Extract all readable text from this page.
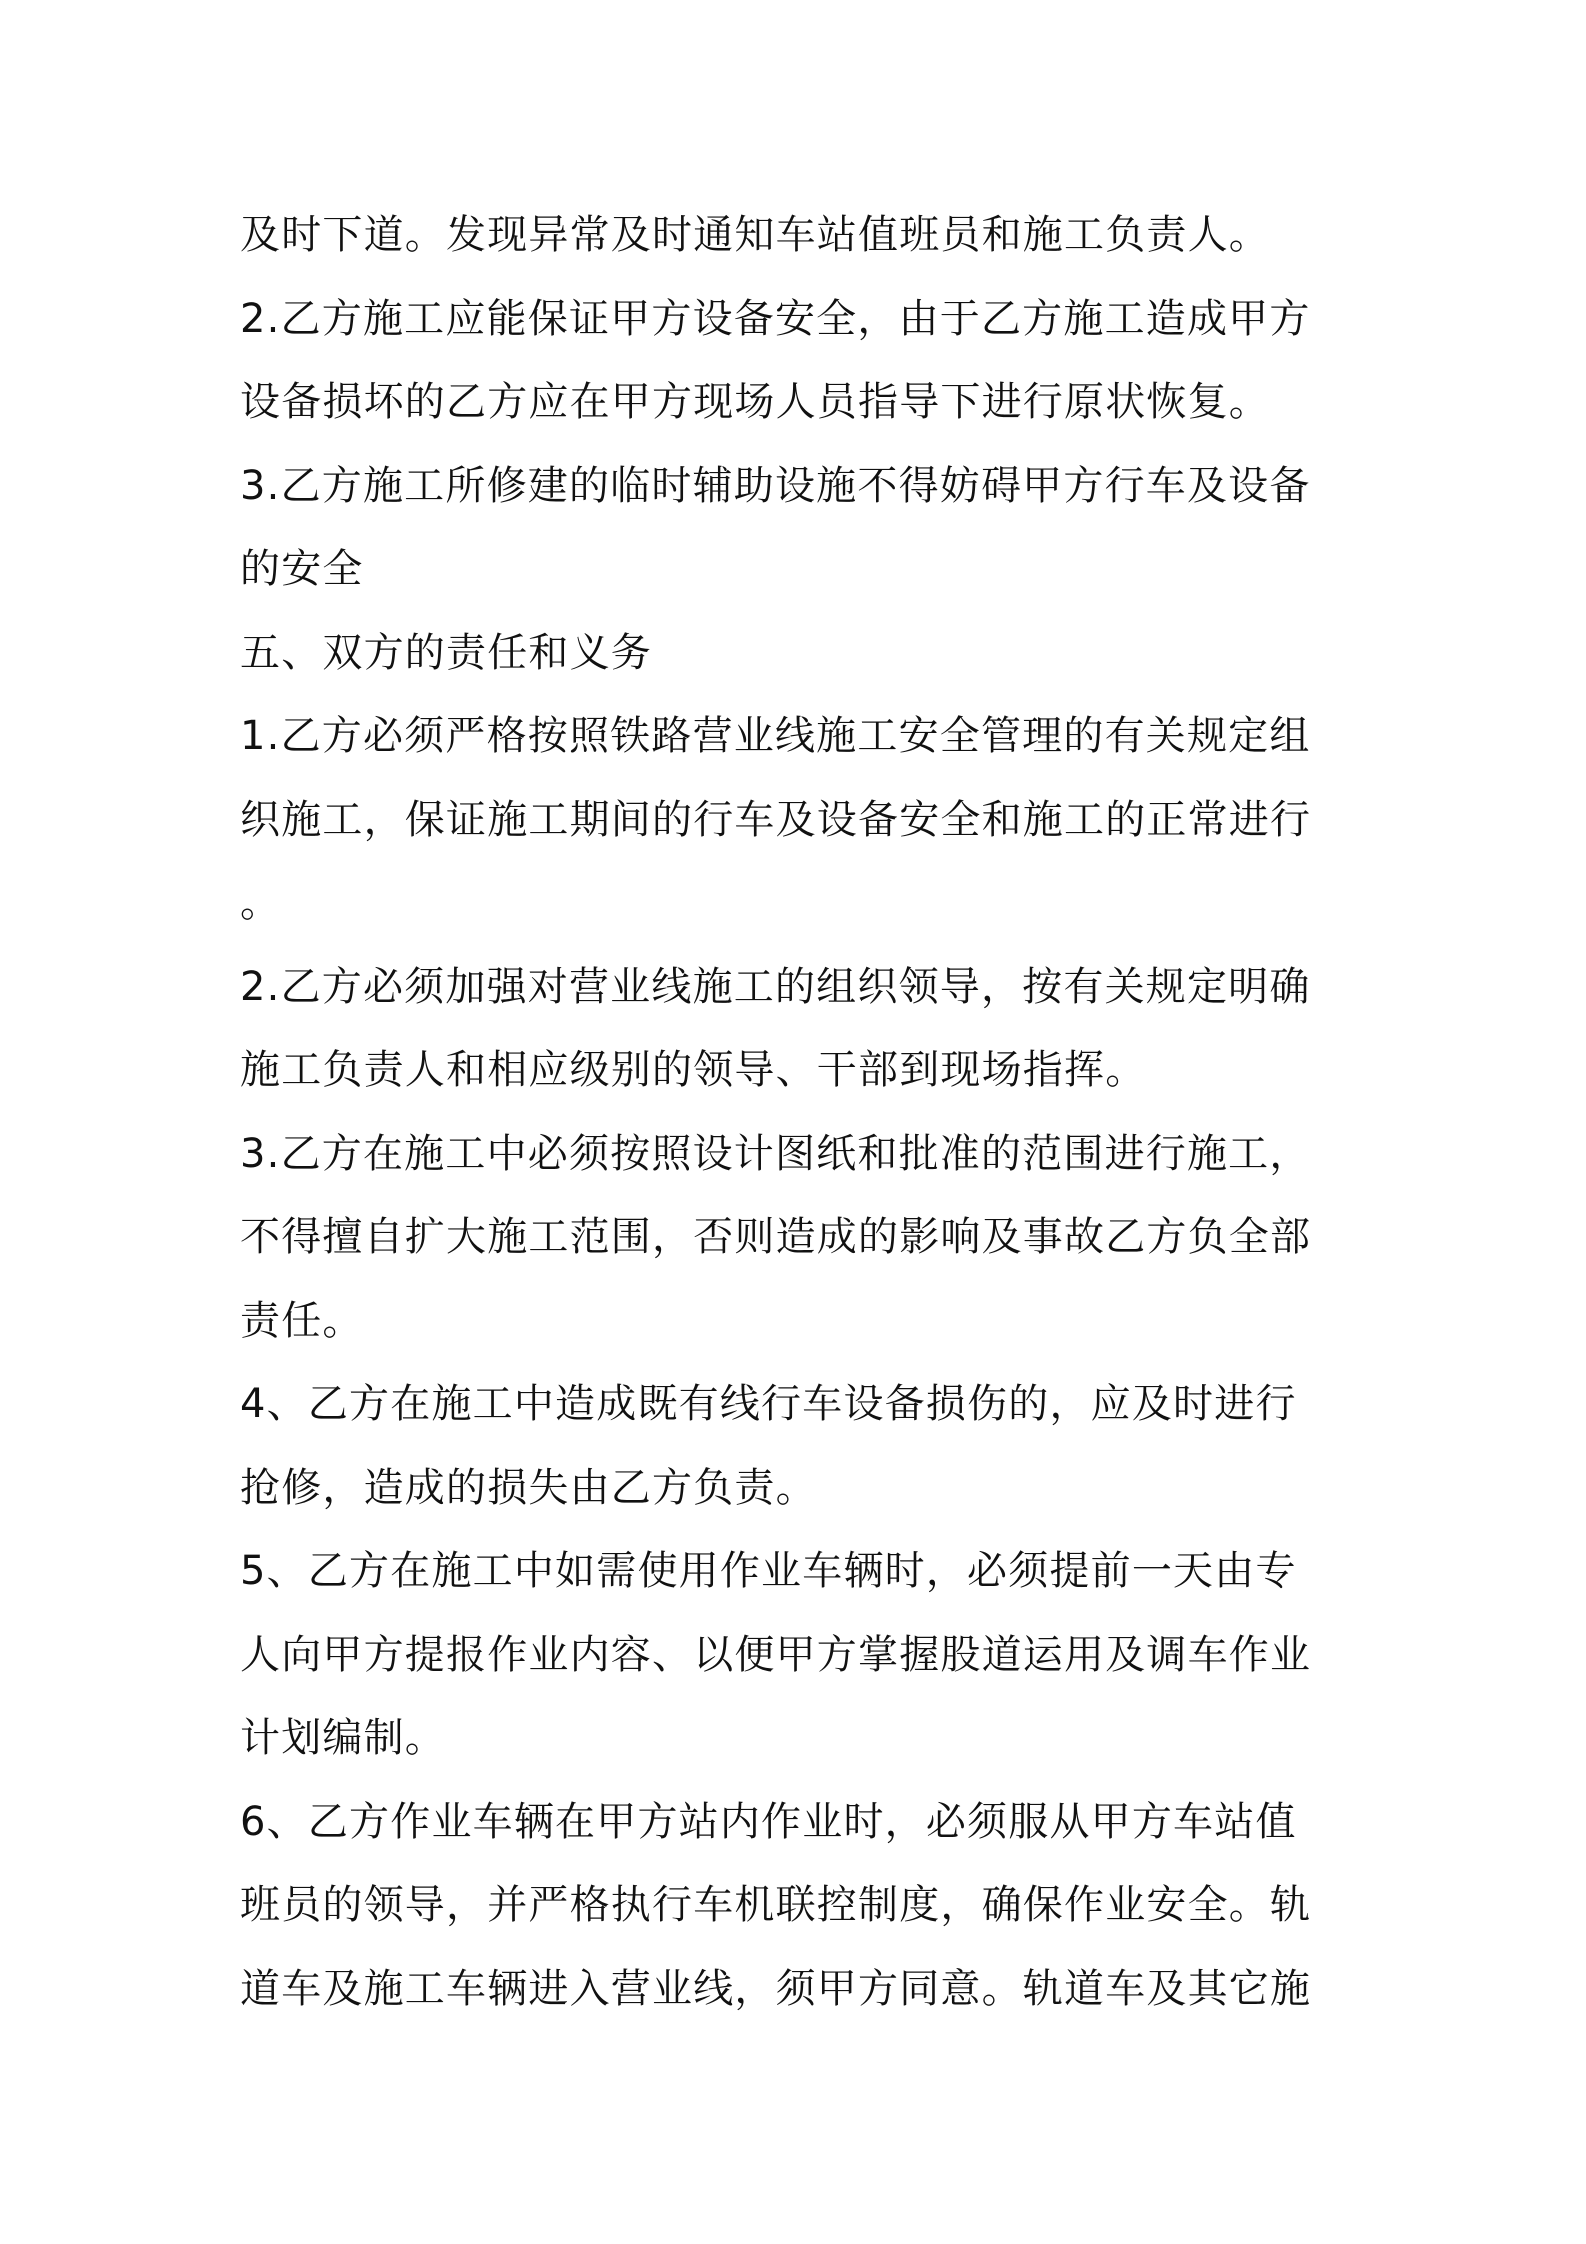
及时下道。发现异常及时通知车站值班员和施工负责人。
2.乙方施工应能保证甲方设备安全，由于乙方施工造成甲方
设备损坏的乙方应在甲方现场人员指导下进行原状恢复。
3.乙方施工所修建的临时辅助设施不得妨碍甲方行车及设备
的安全
五、双方的责任和义务
1.乙方必须严格按照铁路营业线施工安全管理的有关规定组
织施工，保证施工期间的行车及设备安全和施工的正常进行
。
2.乙方必须加强对营业线施工的组织领导，按有关规定明确
施工负责人和相应级别的领导、干部到现场指挥。
3.乙方在施工中必须按照设计图纸和批准的范围进行施工，
不得擅自扩大施工范围，否则造成的影响及事故乙方负全部
责任。
4、乙方在施工中造成既有线行车设备损伤的，应及时进行
抢修，造成的损失由乙方负责。
5、乙方在施工中如需使用作业车辆时，必须提前一天由专
人向甲方提报作业内容、以便甲方掌握股道运用及调车作业
计划编制。
6、乙方作业车辆在甲方站内作业时，必须服从甲方车站值
班员的领导，并严格执行车机联控制度，确保作业安全。轨
道车及施工车辆进入营业线，须甲方同意。轨道车及其它施
